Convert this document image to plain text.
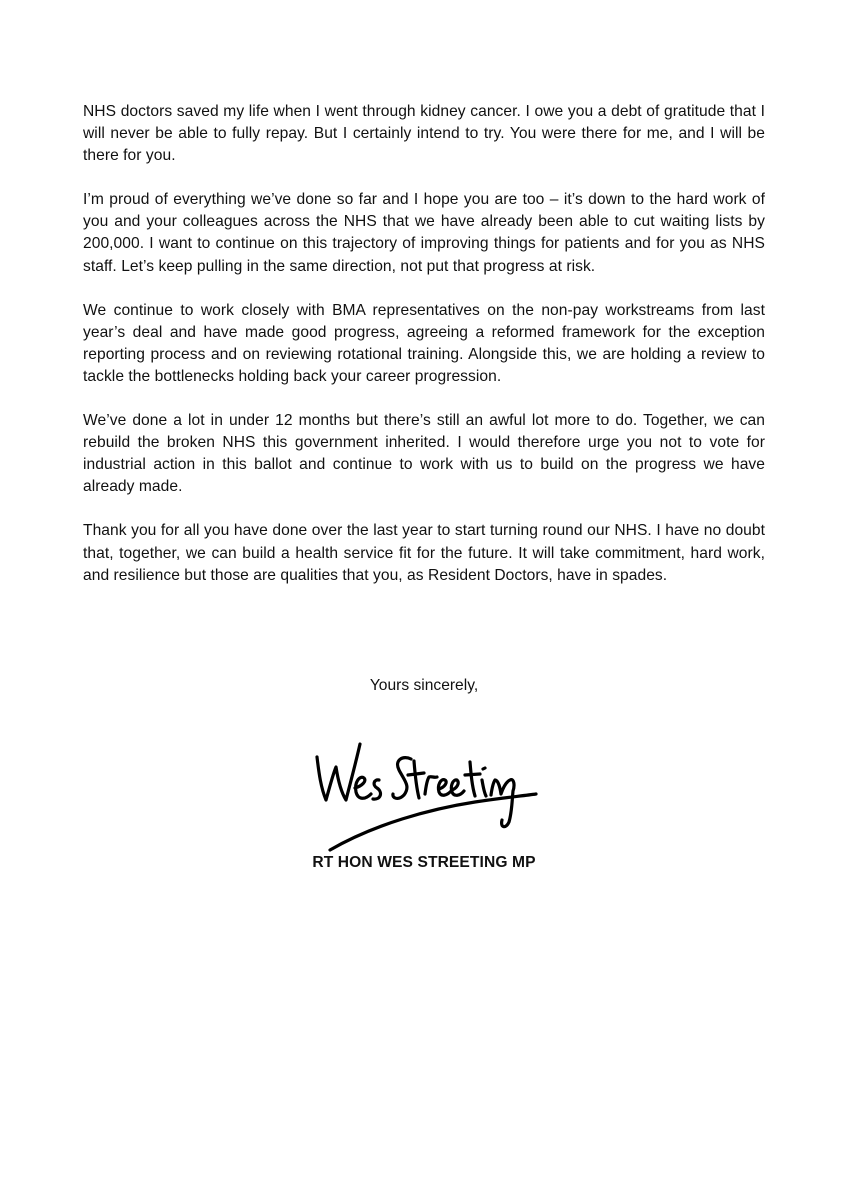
NHS doctors saved my life when I went through kidney cancer. I owe you a debt of gratitude that I will never be able to fully repay. But I certainly intend to try. You were there for me, and I will be there for you.

I’m proud of everything we’ve done so far and I hope you are too – it’s down to the hard work of you and your colleagues across the NHS that we have already been able to cut waiting lists by 200,000. I want to continue on this trajectory of improving things for patients and for you as NHS staff. Let’s keep pulling in the same direction, not put that progress at risk.

We continue to work closely with BMA representatives on the non-pay workstreams from last year’s deal and have made good progress, agreeing a reformed framework for the exception reporting process and on reviewing rotational training. Alongside this, we are holding a review to tackle the bottlenecks holding back your career progression.

We’ve done a lot in under 12 months but there’s still an awful lot more to do. Together, we can rebuild the broken NHS this government inherited. I would therefore urge you not to vote for industrial action in this ballot and continue to work with us to build on the progress we have already made.

Thank you for all you have done over the last year to start turning round our NHS. I have no doubt that, together, we can build a health service fit for the future. It will take commitment, hard work, and resilience but those are qualities that you, as Resident Doctors, have in spades.

Yours sincerely,

RT HON WES STREETING MP
